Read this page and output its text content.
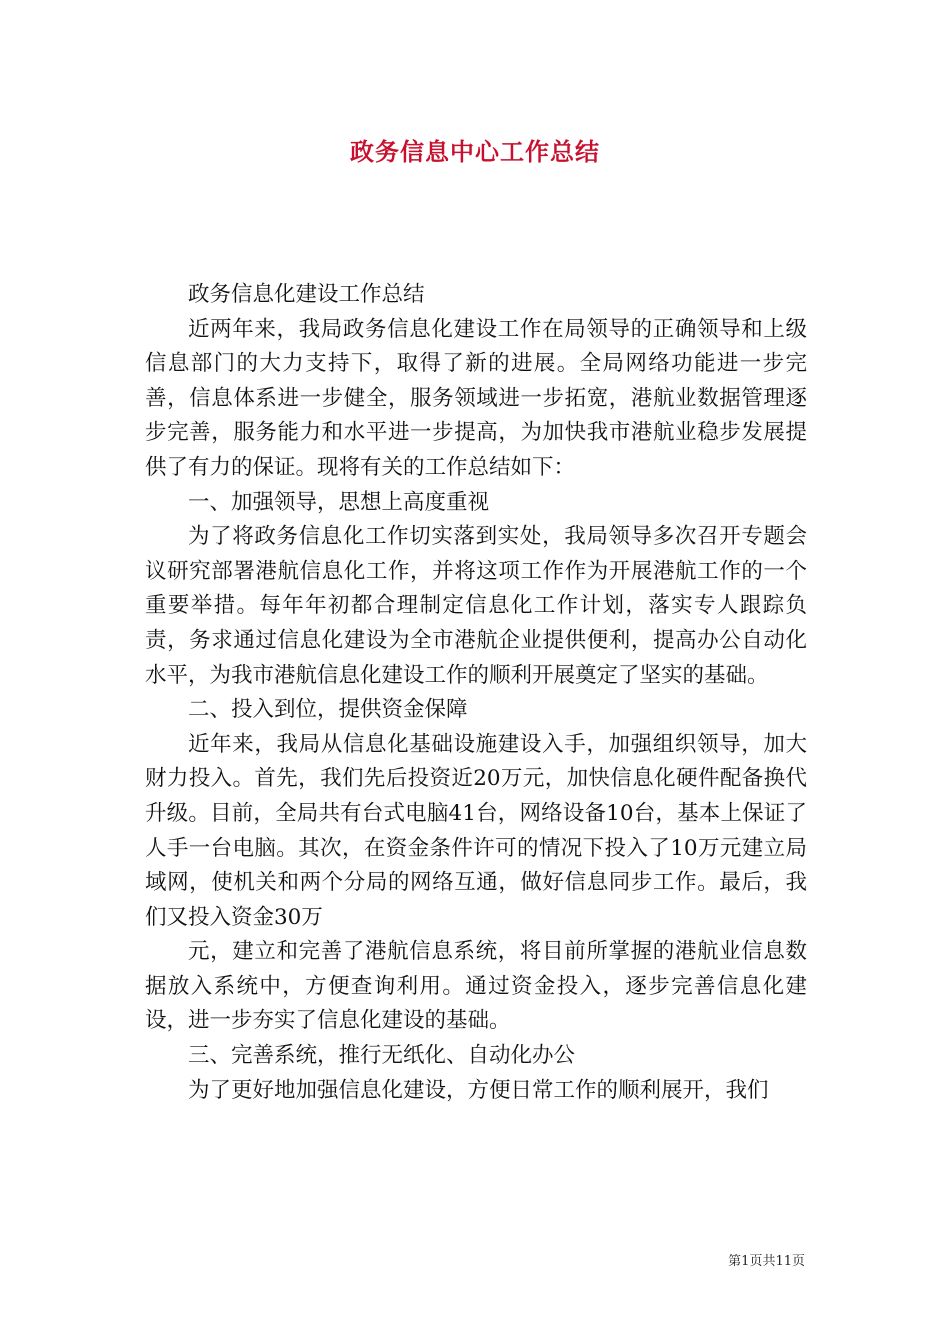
政务信息中心工作总结

政务信息化建设工作总结

近两年来，我局政务信息化建设工作在局领导的正确领导和上级信息部门的大力支持下，取得了新的进展。全局网络功能进一步完善，信息体系进一步健全，服务领域进一步拓宽，港航业数据管理逐步完善，服务能力和水平进一步提高，为加快我市港航业稳步发展提供了有力的保证。现将有关的工作总结如下：

一、加强领导，思想上高度重视

为了将政务信息化工作切实落到实处，我局领导多次召开专题会议研究部署港航信息化工作，并将这项工作作为开展港航工作的一个重要举措。每年年初都合理制定信息化工作计划，落实专人跟踪负责，务求通过信息化建设为全市港航企业提供便利，提高办公自动化水平，为我市港航信息化建设工作的顺利开展奠定了坚实的基础。

二、投入到位，提供资金保障

近年来，我局从信息化基础设施建设入手，加强组织领导，加大财力投入。首先，我们先后投资近20万元，加快信息化硬件配备换代升级。目前，全局共有台式电脑41台，网络设备10台，基本上保证了人手一台电脑。其次，在资金条件许可的情况下投入了10万元建立局域网，使机关和两个分局的网络互通，做好信息同步工作。最后，我们又投入资金30万

元，建立和完善了港航信息系统，将目前所掌握的港航业信息数据放入系统中，方便查询利用。通过资金投入，逐步完善信息化建设，进一步夯实了信息化建设的基础。

三、完善系统，推行无纸化、自动化办公

为了更好地加强信息化建设，方便日常工作的顺利展开，我们

第1页共11页
